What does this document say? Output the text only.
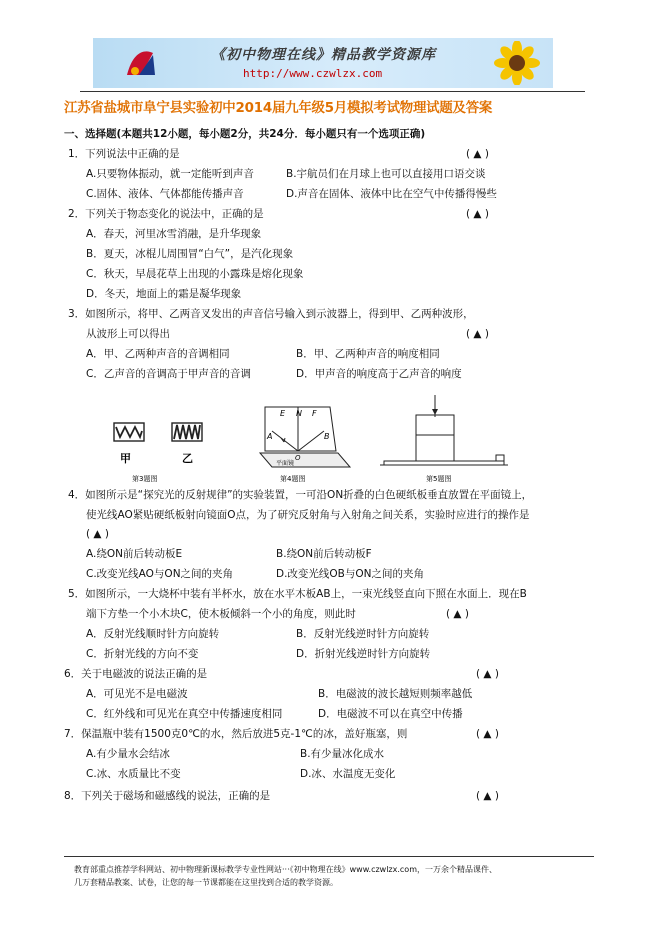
《初中物理在线》精品教学资源库
http://www.czwlzx.com
江苏省盐城市阜宁县实验初中2014届九年级5月模拟考试物理试题及答案
一、选择题(本题共12小题，每小题2分，共24分．每小题只有一个选项正确)
1．下列说法中正确的是	( ▲ )
A.只要物体振动，就一定能听到声音	B.宇航员们在月球上也可以直接用口语交谈
C.固体、液体、气体都能传播声音	D.声音在固体、液体中比在空气中传播得慢些
2．下列关于物态变化的说法中，正确的是	( ▲ )
A．春天，河里冰雪消融，是升华现象
B．夏天，冰棍儿周围冒“白气”，是汽化现象
C．秋天，早晨花草上出现的小露珠是熔化现象
D．冬天，地面上的霜是凝华现象
3．如图所示，将甲、乙两音叉发出的声音信号输入到示波器上，得到甲、乙两种波形，
从波形上可以得出	( ▲ )
A．甲、乙两种声音的音调相同	B．甲、乙两种声音的响度相同
C．乙声音的音调高于甲声音的音调	D．甲声音的响度高于乙声音的响度
甲	乙
E N F
A	B
O
平面镜
第3题图	第4题图	第5题图
4．如图所示是“探究光的反射规律”的实验装置，一可沿ON折叠的白色硬纸板垂直放置在平面镜上，
使光线AO紧贴硬纸板射向镜面O点，为了研究反射角与入射角之间关系，实验时应进行的操作是
( ▲ )
A.绕ON前后转动板E	B.绕ON前后转动板F
C.改变光线AO与ON之间的夹角	D.改变光线OB与ON之间的夹角
5．如图所示，一大烧杯中装有半杯水，放在水平木板AB上，一束光线竖直向下照在水面上．现在B
端下方垫一个小木块C，使木板倾斜一个小的角度，则此时	( ▲ )
A．反射光线顺时针方向旋转	B．反射光线逆时针方向旋转
C．折射光线的方向不变	D．折射光线逆时针方向旋转
6．关于电磁波的说法正确的是	( ▲ )
A．可见光不是电磁波	B．电磁波的波长越短则频率越低
C．红外线和可见光在真空中传播速度相同	D．电磁波不可以在真空中传播
7．保温瓶中装有1500克0℃的水，然后放进5克-1℃的冰，盖好瓶塞，则	( ▲ )
A.有少量水会结冰	B.有少量冰化成水
C.冰、水质量比不变	D.冰、水温度无变化
8．下列关于磁场和磁感线的说法，正确的是	( ▲ )
教育部重点推荐学科网站、初中物理新课标教学专业性网站···《初中物理在线》www.czwlzx.com，一万余个精品课件、
几万套精品教案、试卷，让您的每一节课都能在这里找到合适的教学资源。
